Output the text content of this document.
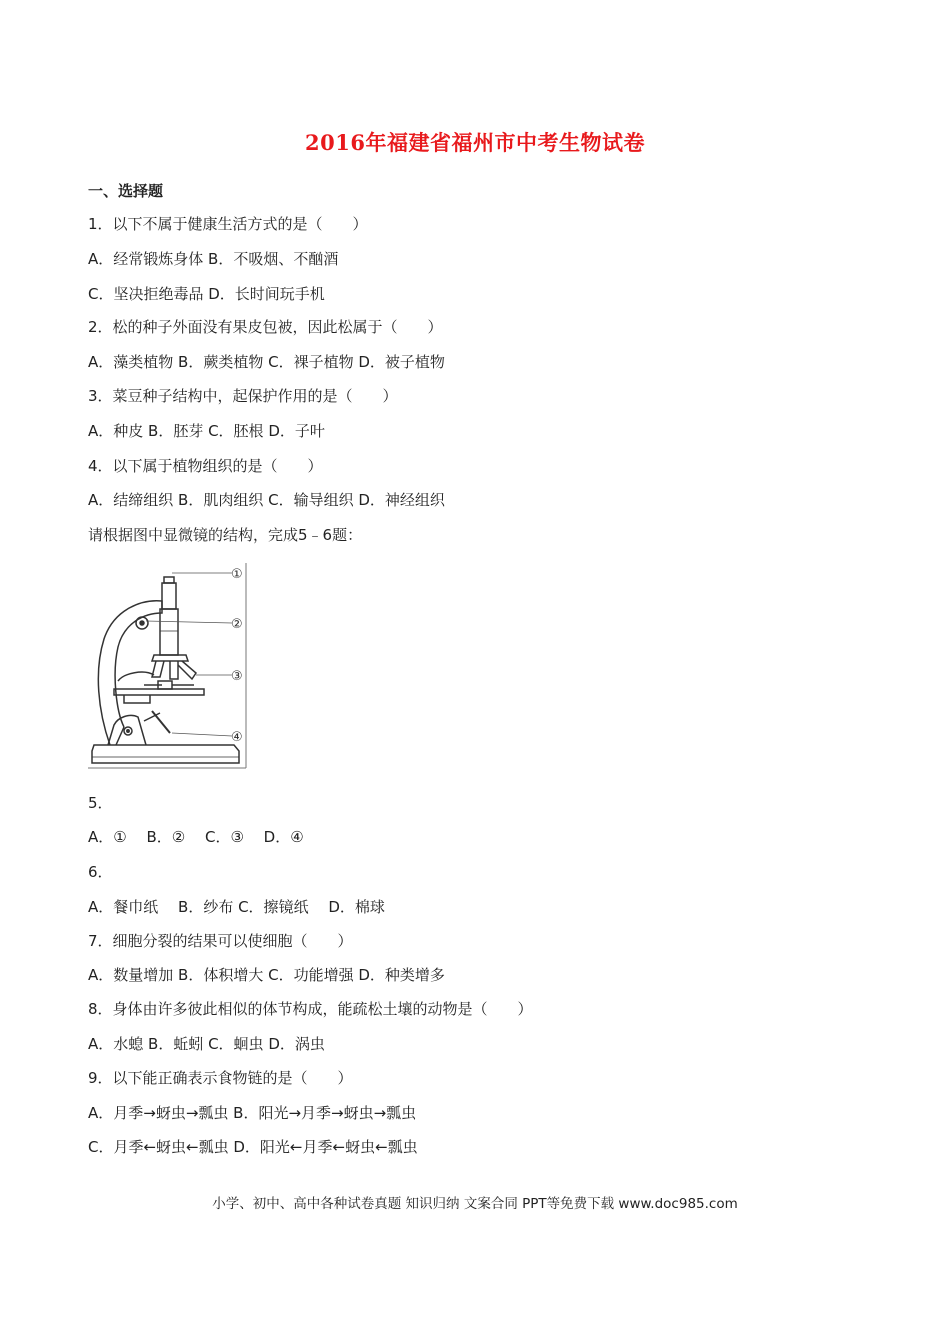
2016年福建省福州市中考生物试卷
一、选择题
1．以下不属于健康生活方式的是（　　）
A．经常锻炼身体 B．不吸烟、不酗酒
C．坚决拒绝毒品 D．长时间玩手机
2．松的种子外面没有果皮包被，因此松属于（　　）
A．藻类植物 B．蕨类植物 C．裸子植物 D．被子植物
3．菜豆种子结构中，起保护作用的是（　　）
A．种皮 B．胚芽 C．胚根 D．子叶
4．以下属于植物组织的是（　　）
A．结缔组织 B．肌肉组织 C．输导组织 D．神经组织
请根据图中显微镜的结构，完成5﹣6题：
①
②
③
④
5．
A．①　 B．②　 C．③　 D．④
6．
A．餐巾纸　 B．纱布 C．擦镜纸　 D．棉球
7．细胞分裂的结果可以使细胞（　　）
A．数量增加 B．体积增大 C．功能增强 D．种类增多
8．身体由许多彼此相似的体节构成，能疏松土壤的动物是（　　）
A．水螅 B．蚯蚓 C．蛔虫 D．涡虫
9．以下能正确表示食物链的是（　　）
A．月季→蚜虫→瓢虫 B．阳光→月季→蚜虫→瓢虫
C．月季←蚜虫←瓢虫 D．阳光←月季←蚜虫←瓢虫
小学、初中、高中各种试卷真题 知识归纳 文案合同 PPT等免费下载 www.doc985.com
